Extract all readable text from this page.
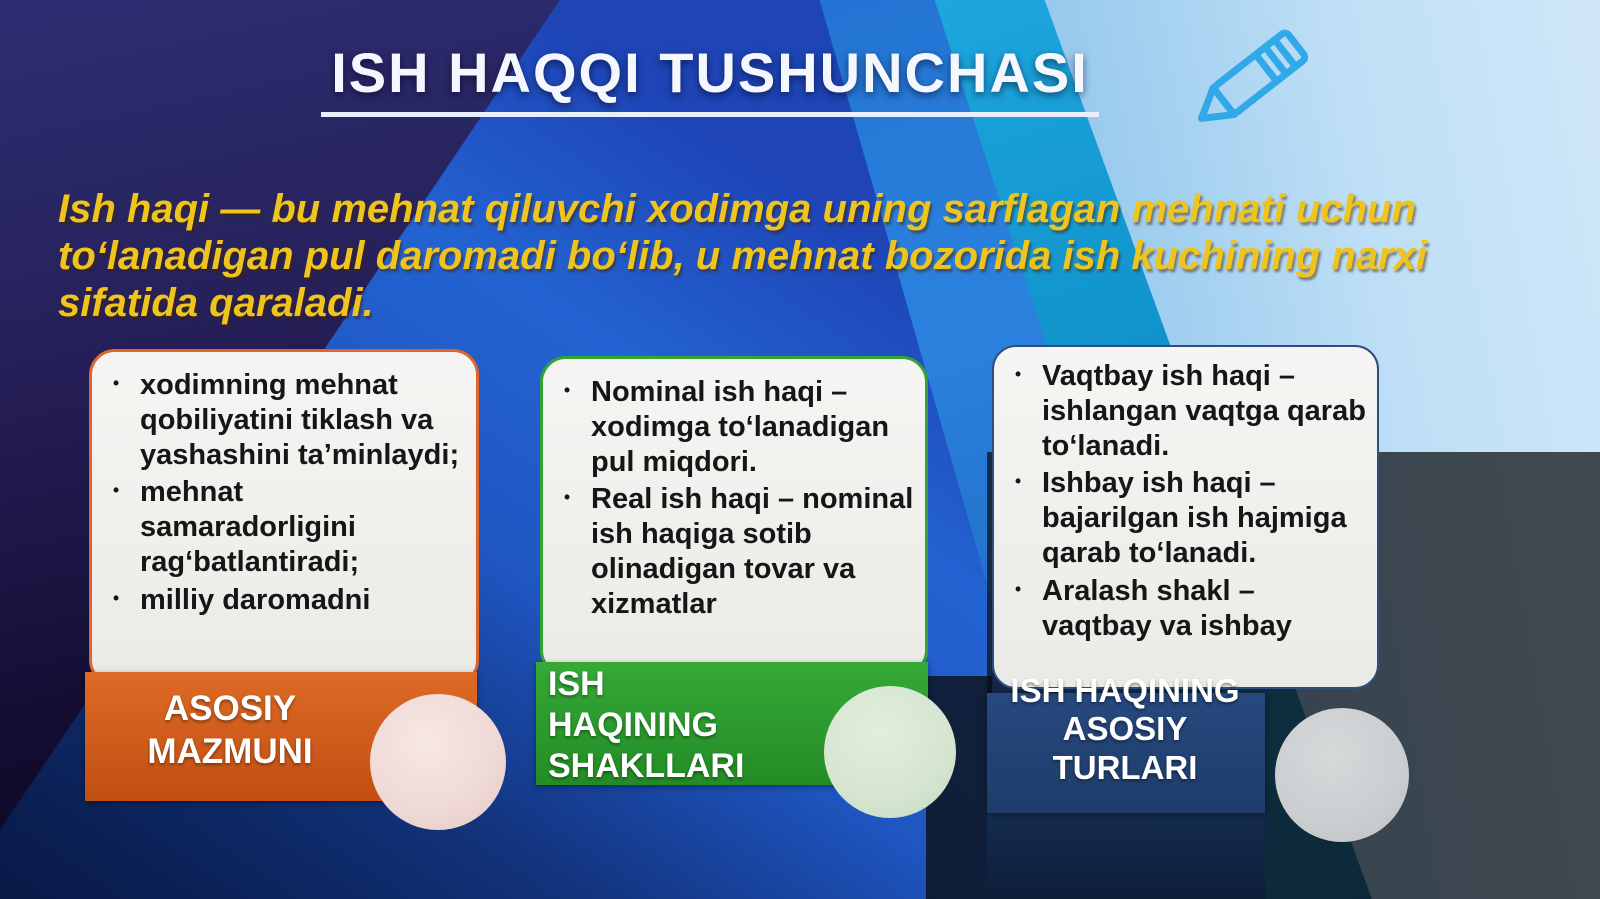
ISH HAQQI TUSHUNCHASI
Ish haqi — bu mehnat qiluvchi xodimga uning sarflagan mehnati uchun to‘lanadigan pul daromadi bo‘lib, u mehnat bozorida ish kuchining narxi sifatida qaraladi.
• xodimning mehnat qobiliyatini tiklash va yashashini ta’minlaydi;
• mehnat samaradorligini rag‘batlantiradi;
• milliy daromadni
ASOSIY MAZMUNI
• Nominal ish haqi – xodimga to‘lanadigan pul miqdori.
• Real ish haqi – nominal ish haqiga sotib olinadigan tovar va xizmatlar
ISH HAQINING SHAKLLARI
• Vaqtbay ish haqi – ishlangan vaqtga qarab to‘lanadi.
• Ishbay ish haqi – bajarilgan ish hajmiga qarab to‘lanadi.
• Aralash shakl – vaqtbay va ishbay
ISH HAQINING ASOSIY TURLARI
